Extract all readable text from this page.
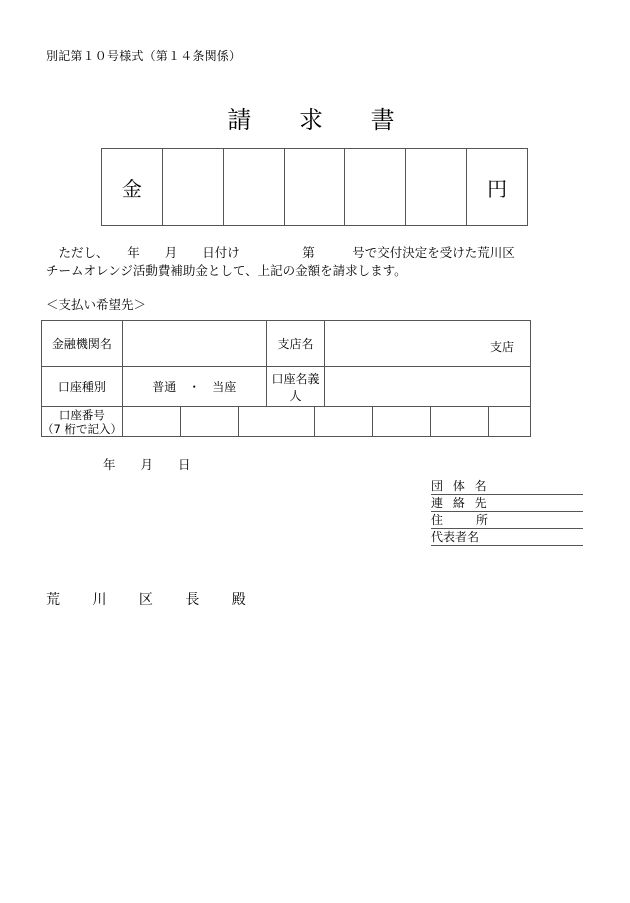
別記第１０号様式（第１４条関係）
請 求 書
金	円
　ただし、　　年　　月　　日付け　　　　　第　　　号で交付決定を受けた荒川区
チームオレンジ活動費補助金として、上記の金額を請求します。
＜支払い希望先＞
金融機関名				支店名		支店			
口座種別	普通　・　当座			口座名義人					
口座番号
（7 桁で記入）									
年　　月　　日
団 体 名
連 絡 先
住　　所
代表者名
荒 川 区 長 殿
